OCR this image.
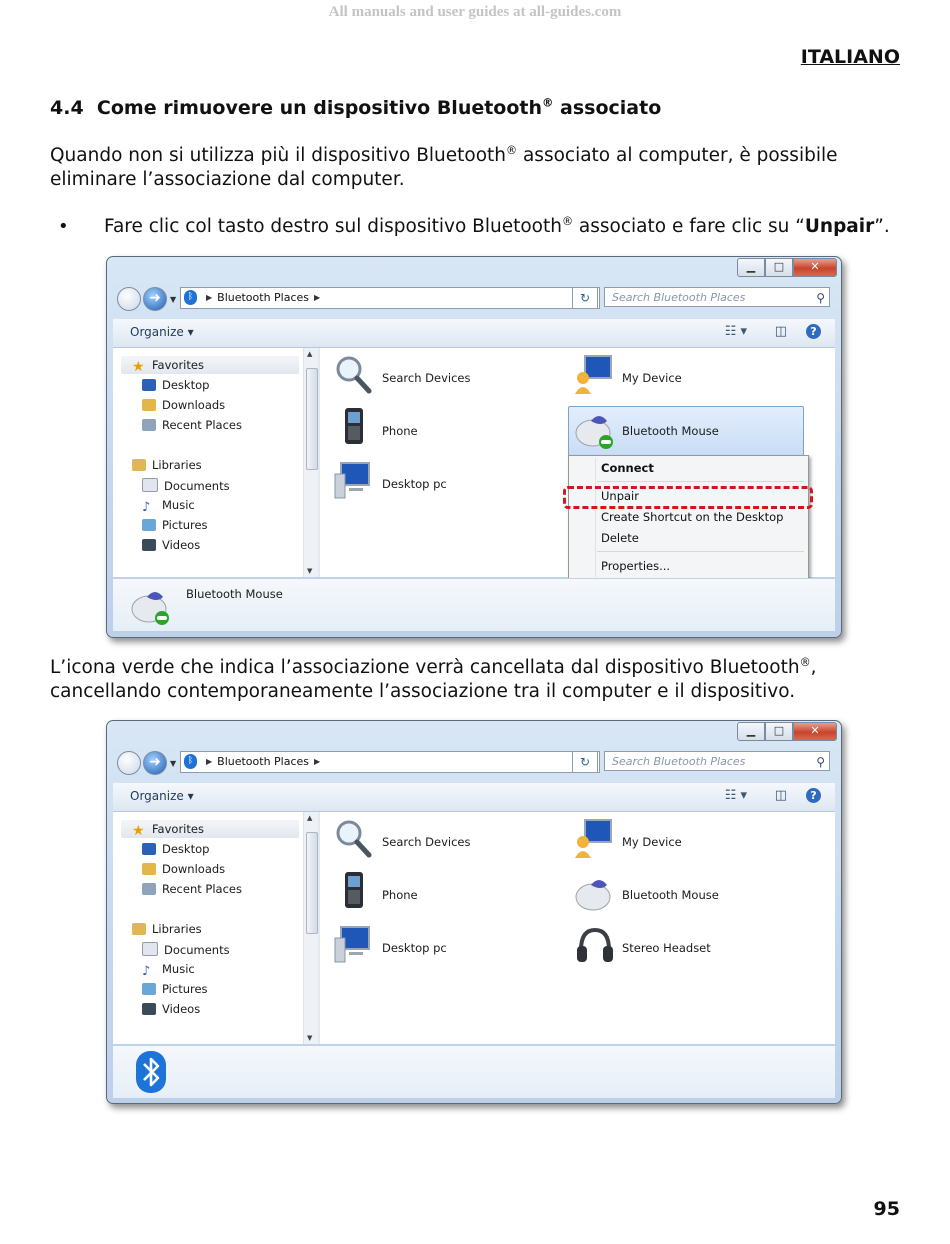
All manuals and user guides at all-guides.com
ITALIANO
4.4 Come rimuovere un dispositivo Bluetooth® associato
Quando non si utilizza più il dispositivo Bluetooth® associato al computer, è possibile
eliminare l’associazione dal computer.
• Fare clic col tasto destro sul dispositivo Bluetooth® associato e fare clic su “Unpair”.
▁	□	✕
➜	▼	ᛒ ▶ Bluetooth Places ▶	↻	Search Bluetooth Places	⚲
Organize ▾	☷ ▾ ◫	?
★ Favorites
Desktop
Downloads
Recent Places
Libraries
Documents
♪ Music
Pictures
Videos
▲
▼
Search Devices
Phone
Desktop pc
My Device
Bluetooth Mouse
Connect
Unpair
Create Shortcut on the Desktop
Delete
Properties...
Bluetooth Mouse
L’icona verde che indica l’associazione verrà cancellata dal dispositivo Bluetooth®,
cancellando contemporaneamente l’associazione tra il computer e il dispositivo.
▁	□	✕
➜	▼	ᛒ ▶ Bluetooth Places ▶	↻	Search Bluetooth Places	⚲
Organize ▾	☷ ▾ ◫	?
★ Favorites
Desktop
Downloads
Recent Places
Libraries
Documents
♪ Music
Pictures
Videos
▲
▼
Search Devices
Phone
Desktop pc
My Device
Bluetooth Mouse
Stereo Headset
95
